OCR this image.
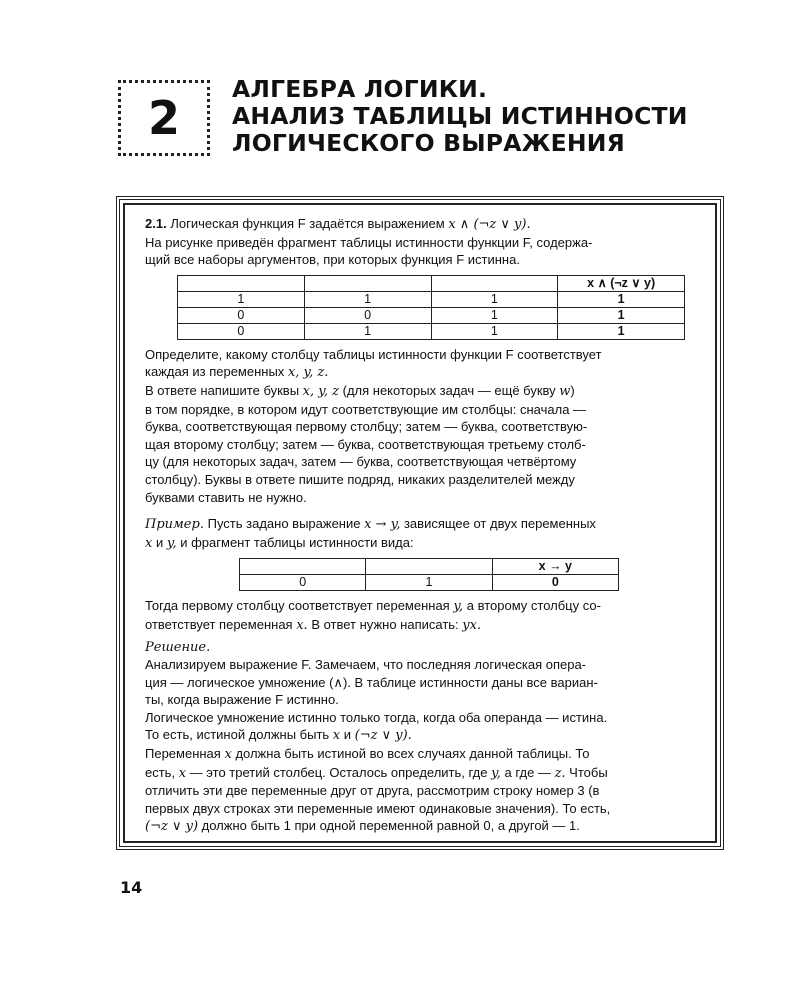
2
АЛГЕБРА ЛОГИКИ.
АНАЛИЗ ТАБЛИЦЫ ИСТИННОСТИ
ЛОГИЧЕСКОГО ВЫРАЖЕНИЯ
2.1. Логическая функция F задаётся выражением x ∧ (¬z ∨ y).
На рисунке приведён фрагмент таблицы истинности функции F, содержа-
щий все наборы аргументов, при которых функция F истинна.
			x ∧ (¬z ∨ y)
1	1	1	1
0	0	1	1
0	1	1	1
Определите, какому столбцу таблицы истинности функции F соответствует
каждая из переменных x, y, z.
В ответе напишите буквы x, y, z (для некоторых задач — ещё букву w)
в том порядке, в котором идут соответствующие им столбцы: сначала —
буква, соответствующая первому столбцу; затем — буква, соответствую-
щая второму столбцу; затем — буква, соответствующая третьему столб-
цу (для некоторых задач, затем — буква, соответствующая четвёртому
столбцу). Буквы в ответе пишите подряд, никаких разделителей между
буквами ставить не нужно.
Пример. Пусть задано выражение x → y, зависящее от двух переменных
x и y, и фрагмент таблицы истинности вида:
		x → y
0	1	0
Тогда первому столбцу соответствует переменная y, а второму столбцу со-
ответствует переменная x. В ответ нужно написать: yx.
Решение.
Анализируем выражение F. Замечаем, что последняя логическая опера-
ция — логическое умножение (∧). В таблице истинности даны все вариан-
ты, когда выражение F истинно.
Логическое умножение истинно только тогда, когда оба операнда — истина.
То есть, истиной должны быть x и (¬z ∨ y).
Переменная x должна быть истиной во всех случаях данной таблицы. То
есть, x — это третий столбец. Осталось определить, где y, а где — z. Чтобы
отличить эти две переменные друг от друга, рассмотрим строку номер 3 (в
первых двух строках эти переменные имеют одинаковые значения). То есть,
(¬z ∨ y) должно быть 1 при одной переменной равной 0, а другой — 1.
14
